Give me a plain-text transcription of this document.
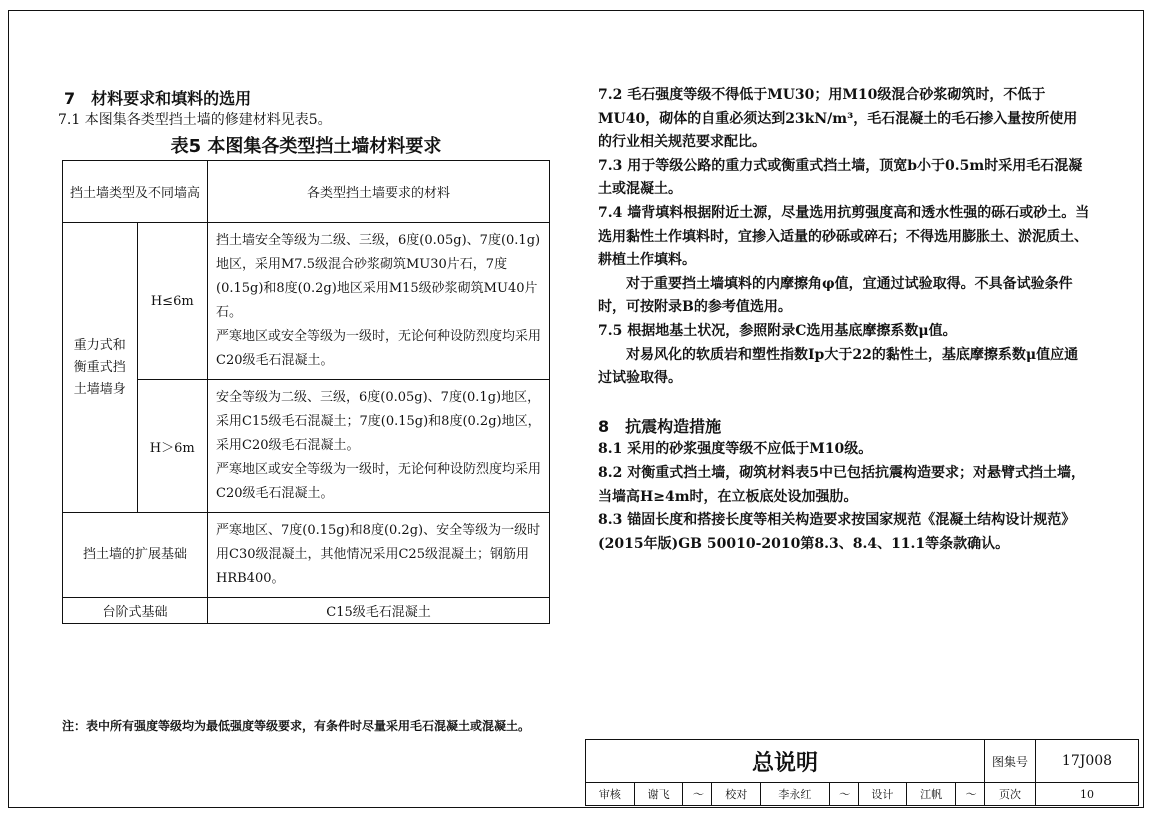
7　材料要求和填料的选用
7.1 本图集各类型挡土墙的修建材料见表5。
表5 本图集各类型挡土墙材料要求
挡土墙类型及不同墙高		各类型挡土墙要求的材料
重力式和衡重式挡土墙墙身	H≤6m	挡土墙安全等级为二级、三级，6度(0.05g)、7度(0.1g)地区，采用M7.5级混合砂浆砌筑MU30片石，7度(0.15g)和8度(0.2g)地区采用M15级砂浆砌筑MU40片石。
严寒地区或安全等级为一级时，无论何种设防烈度均采用C20级毛石混凝土。

	H＞6m	安全等级为二级、三级，6度(0.05g)、7度(0.1g)地区，采用C15级毛石混凝土；7度(0.15g)和8度(0.2g)地区，采用C20级毛石混凝土。
严寒地区或安全等级为一级时，无论何种设防烈度均采用C20级毛石混凝土。

挡土墙的扩展基础		严寒地区、7度(0.15g)和8度(0.2g)、安全等级为一级时用C30级混凝土，其他情况采用C25级混凝土；钢筋用HRB400。
台阶式基础		C15级毛石混凝土
注：表中所有强度等级均为最低强度等级要求，有条件时尽量采用毛石混凝土或混凝土。

7.2 毛石强度等级不得低于MU30；用M10级混合砂浆砌筑时，不低于MU40，砌体的自重必须达到23kN/m³，毛石混凝土的毛石掺入量按所使用的行业相关规范要求配比。

7.3 用于等级公路的重力式或衡重式挡土墙，顶宽b小于0.5m时采用毛石混凝土或混凝土。

7.4 墙背填料根据附近土源，尽量选用抗剪强度高和透水性强的砾石或砂土。当选用黏性土作填料时，宜掺入适量的砂砾或碎石；不得选用膨胀土、淤泥质土、耕植土作填料。

对于重要挡土墙填料的内摩擦角φ值，宜通过试验取得。不具备试验条件时，可按附录B的参考值选用。

7.5 根据地基土状况，参照附录C选用基底摩擦系数μ值。

对易风化的软质岩和塑性指数Ip大于22的黏性土，基底摩擦系数μ值应通过试验取得。

8　抗震构造措施

8.1 采用的砂浆强度等级不应低于M10级。

8.2 对衡重式挡土墙，砌筑材料表5中已包括抗震构造要求；对悬臂式挡土墙，当墙高H≥4m时，在立板底处设加强肋。

8.3 锚固长度和搭接长度等相关构造要求按国家规范《混凝土结构设计规范》(2015年版)GB 50010-2010第8.3、8.4、11.1等条款确认。

总说明									图集号	17J008
审核	谢飞	～	校对	李永红	～	设计	江帆	～	页次	10
